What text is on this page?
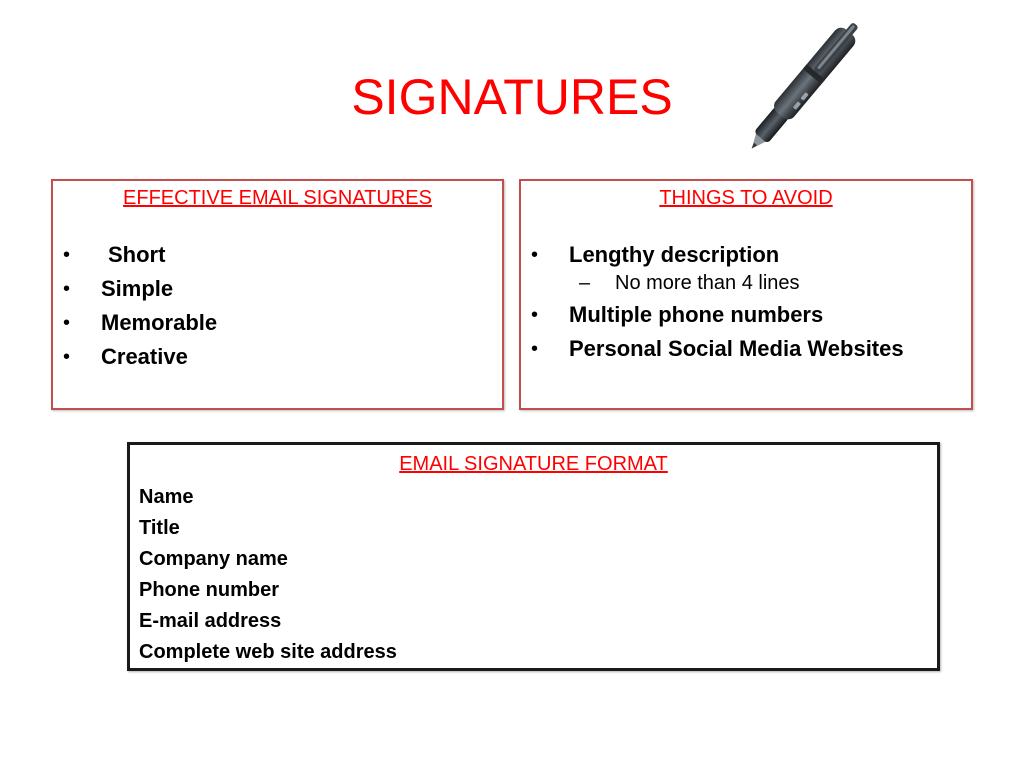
SIGNATURES
EFFECTIVE EMAIL SIGNATURES
• Short
• Simple
• Memorable
• Creative
THINGS TO AVOID
• Lengthy description
– No more than 4 lines
• Multiple phone numbers
• Personal Social Media Websites
EMAIL SIGNATURE FORMAT
Name
Title
Company name
Phone number
E-mail address
Complete web site address
